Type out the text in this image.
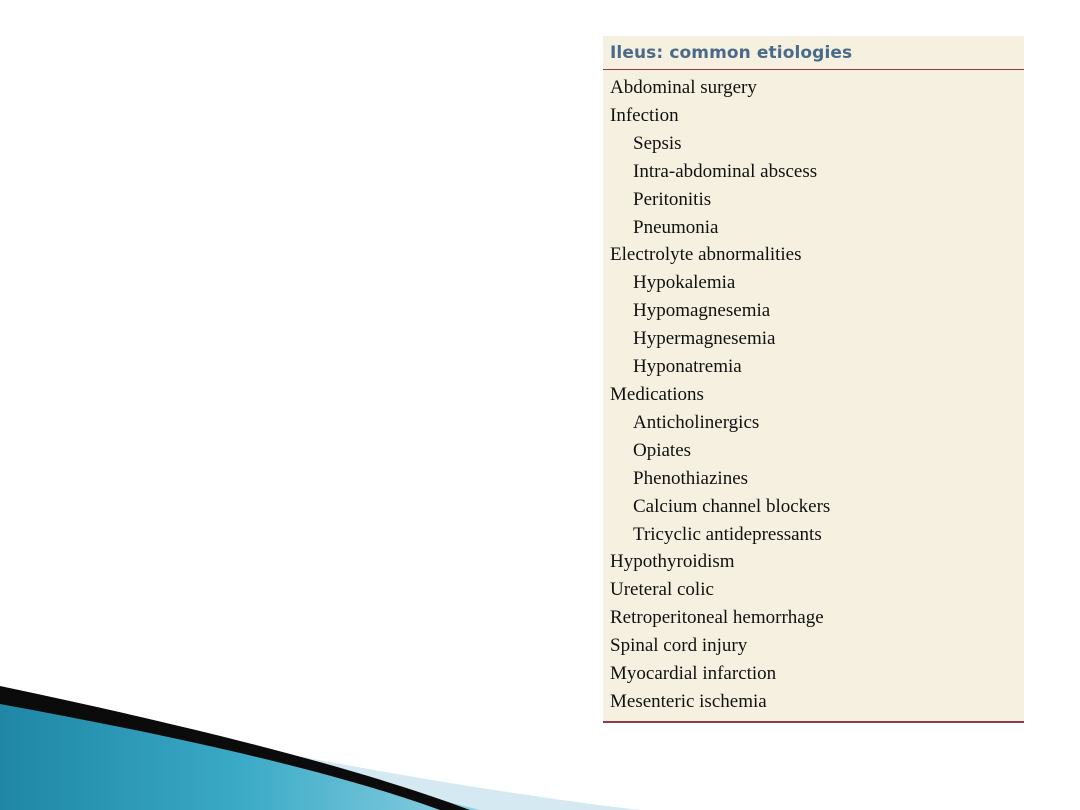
Ileus: common etiologies
Abdominal surgery
Infection
Sepsis
Intra-abdominal abscess
Peritonitis
Pneumonia
Electrolyte abnormalities
Hypokalemia
Hypomagnesemia
Hypermagnesemia
Hyponatremia
Medications
Anticholinergics
Opiates
Phenothiazines
Calcium channel blockers
Tricyclic antidepressants
Hypothyroidism
Ureteral colic
Retroperitoneal hemorrhage
Spinal cord injury
Myocardial infarction
Mesenteric ischemia
